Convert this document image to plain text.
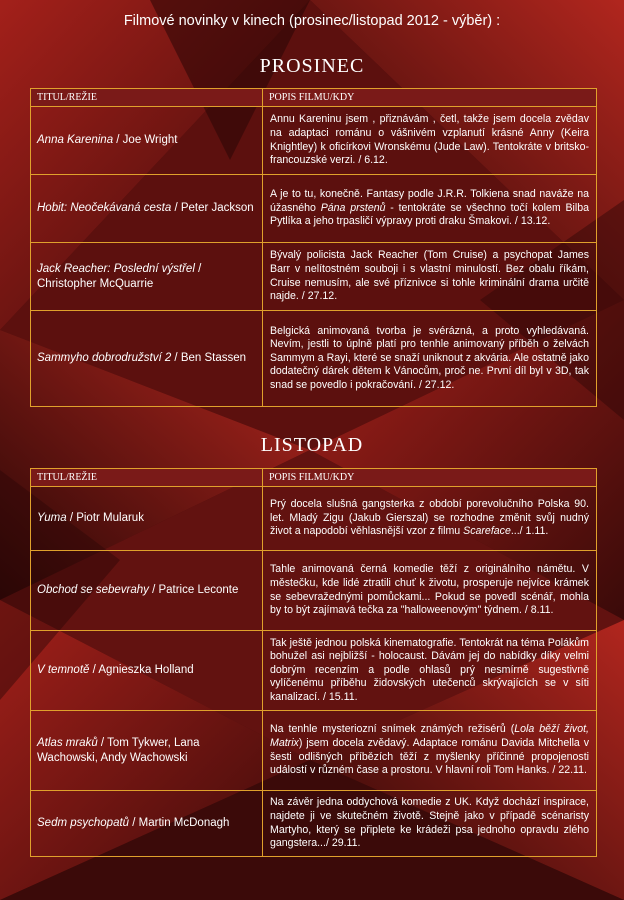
Filmové novinky v kinech (prosinec/listopad 2012 - výběr) :
PROSINEC
TITUL/REŽIE	POPIS FILMU/KDY
Anna Karenina / Joe Wright	Annu Kareninu jsem , přiznávám , četl, takže jsem docela zvědav na adaptaci románu o vášnivém vzplanutí krásné Anny (Keira Knightley) k oficírkovi Wronskému (Jude Law). Tentokráte v britsko-francouzské verzi. / 6.12.
Hobit: Neočekávaná cesta / Peter Jackson	A je to tu, konečně. Fantasy podle J.R.R. Tolkiena snad naváže na úžasného Pána prstenů - tentokráte se všechno točí kolem Bilba Pytlíka a jeho trpasličí výpravy proti draku Šmakovi. / 13.12.
Jack Reacher: Poslední výstřel / Christopher McQuarrie	Bývalý policista Jack Reacher (Tom Cruise) a psychopat James Barr v nelítostném souboji i s vlastní minulostí. Bez obalu říkám, Cruise nemusím, ale své příznivce si tohle kriminální drama určitě najde. / 27.12.
Sammyho dobrodružství 2 / Ben Stassen	Belgická animovaná tvorba je svérázná, a proto vyhledávaná. Nevím, jestli to úplně platí pro tenhle animovaný příběh o želvách Sammym a Rayi, které se snaží uniknout z akvária. Ale ostatně jako dodatečný dárek dětem k Vánocům, proč ne. První díl byl v 3D, tak snad se povedlo i pokračování. / 27.12.
LISTOPAD
TITUL/REŽIE	POPIS FILMU/KDY
Yuma / Piotr Mularuk	Prý docela slušná gangsterka z období porevolučního Polska 90. let. Mladý Zigu (Jakub Gierszal) se rozhodne změnit svůj nudný život a napodobí věhlasnější vzor z filmu Scareface.../ 1.11.
Obchod se sebevrahy / Patrice Leconte	Tahle animovaná černá komedie těží z originálního námětu. V městečku, kde lidé ztratili chuť k životu, prosperuje nejvíce krámek se sebevražednými pomůckami... Pokud se povedl scénář, mohla by to být zajímavá tečka za "halloweenovým" týdnem. / 8.11.
V temnotě / Agnieszka Holland	Tak ještě jednou polská kinematografie. Tentokrát na téma Polákům bohužel asi nejbližší - holocaust. Dávám jej do nabídky díky velmi dobrým recenzím a podle ohlasů prý nesmírně sugestivně vylíčenému příběhu židovských utečenců skrývajících se v síti kanalizací. / 15.11.
Atlas mraků / Tom Tykwer, Lana Wachowski, Andy Wachowski	Na tenhle mysteriozní snímek známých režisérů (Lola běží život, Matrix) jsem docela zvědavý. Adaptace románu Davida Mitchella v šesti odlišných příbězích těží z myšlenky příčinné propojenosti událostí v různém čase a prostoru. V hlavní roli Tom Hanks. / 22.11.
Sedm psychopatů / Martin McDonagh	Na závěr jedna oddychová komedie z UK. Když dochází inspirace, najdete ji ve skutečném životě. Stejně jako v případě scénaristy Martyho, který se připlete ke krádeži psa jednoho opravdu zlého gangstera.../ 29.11.
